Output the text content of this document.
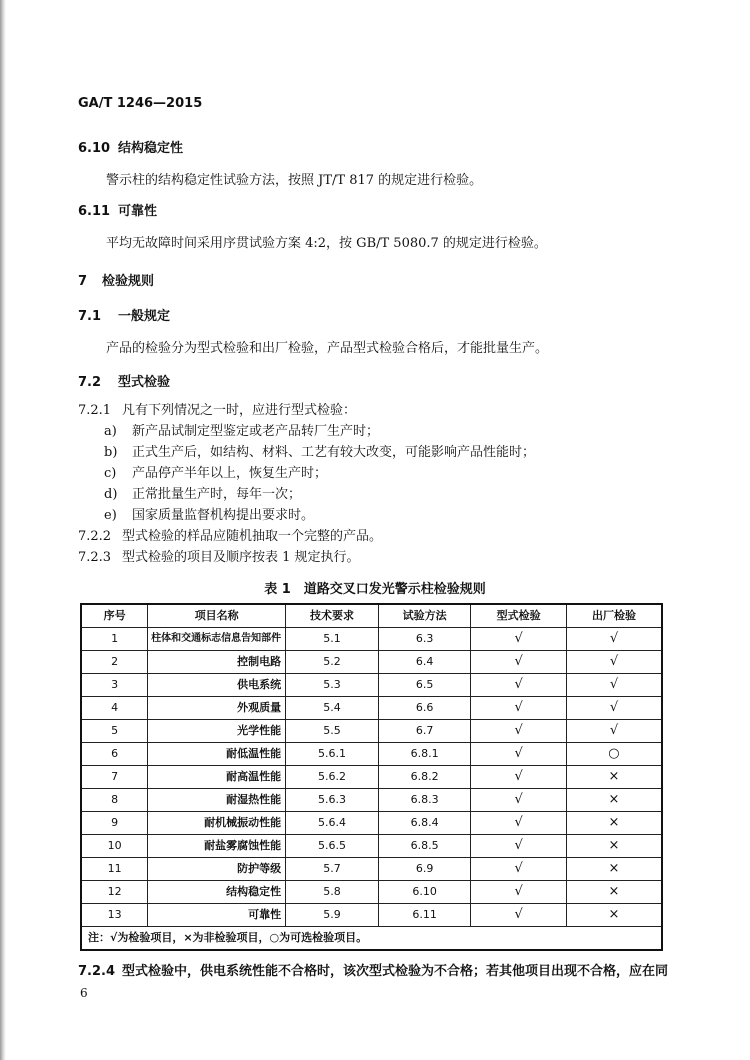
GA/T 1246—2015
6.10 结构稳定性
警示柱的结构稳定性试验方法，按照 JT/T 817 的规定进行检验。
6.11 可靠性
平均无故障时间采用序贯试验方案 4:2，按 GB/T 5080.7 的规定进行检验。
7 检验规则
7.1 一般规定
产品的检验分为型式检验和出厂检验，产品型式检验合格后，才能批量生产。
7.2 型式检验
7.2.1 凡有下列情况之一时，应进行型式检验：
a) 新产品试制定型鉴定或老产品转厂生产时；
b) 正式生产后，如结构、材料、工艺有较大改变，可能影响产品性能时；
c) 产品停产半年以上，恢复生产时；
d) 正常批量生产时，每年一次；
e) 国家质量监督机构提出要求时。
7.2.2 型式检验的样品应随机抽取一个完整的产品。
7.2.3 型式检验的项目及顺序按表 1 规定执行。
表 1　道路交叉口发光警示柱检验规则
序号	项目名称	技术要求	试验方法	型式检验	出厂检验
1	柱体和交通标志信息告知部件	5.1	6.3	√	√
2	控制电路	5.2	6.4	√	√
3	供电系统	5.3	6.5	√	√
4	外观质量	5.4	6.6	√	√
5	光学性能	5.5	6.7	√	√
6	耐低温性能	5.6.1	6.8.1	√	○
7	耐高温性能	5.6.2	6.8.2	√	×
8	耐湿热性能	5.6.3	6.8.3	√	×
9	耐机械振动性能	5.6.4	6.8.4	√	×
10	耐盐雾腐蚀性能	5.6.5	6.8.5	√	×
11	防护等级	5.7	6.9	√	×
12	结构稳定性	5.8	6.10	√	×
13	可靠性	5.9	6.11	√	×
注：√为检验项目，×为非检验项目，○为可选检验项目。					
7.2.4 型式检验中，供电系统性能不合格时，该次型式检验为不合格；若其他项目出现不合格，应在同
6
